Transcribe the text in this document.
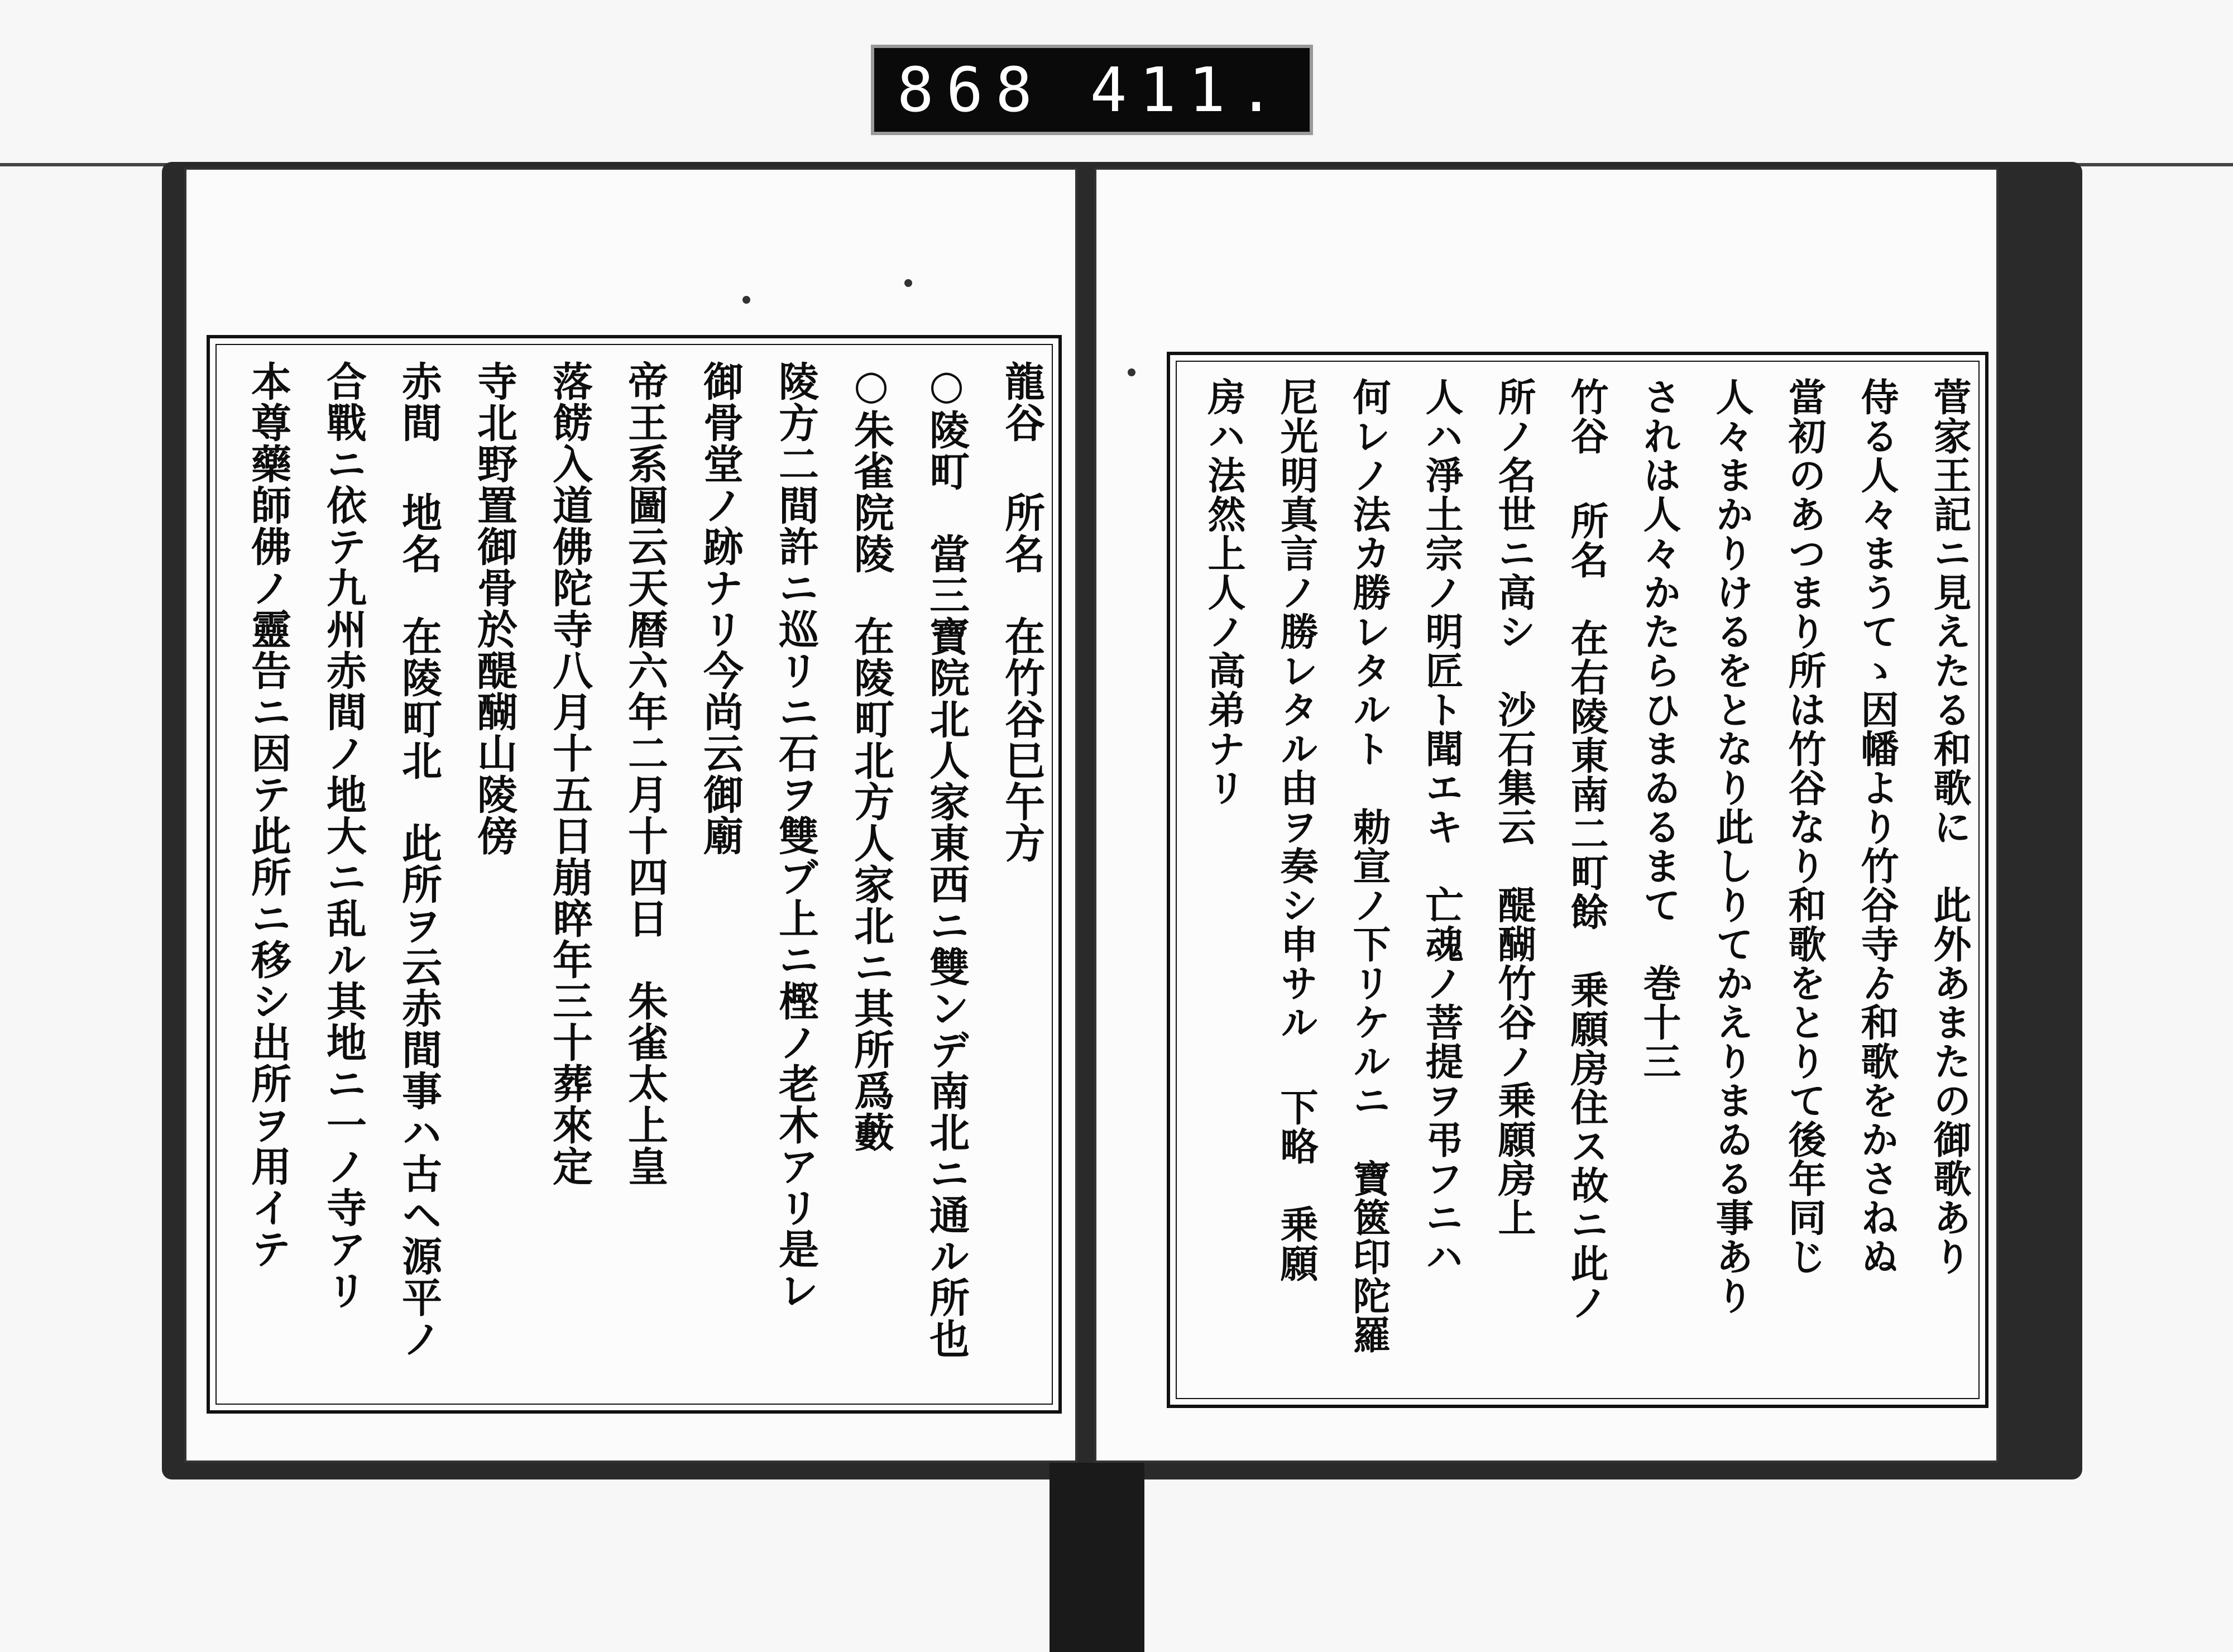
868 411.
龍谷 所名　在竹谷巳午方
○陵町　當三寶院北人家東西ニ雙ンデ南北ニ通ル所也
○朱雀院陵　在陵町北方人家北ニ其所爲藪
陵方二間許ニ巡リニ石ヲ雙ブ上ニ樫ノ老木アリ是レ
御骨堂ノ跡ナリ今尚云御廟
帝王系圖云天暦六年二月十四日　朱雀太上皇
落餝入道佛陀寺八月十五日崩睟年三十葬來定
寺北野置御骨於醍醐山陵傍
赤間 地名　在陵町北　此所ヲ云赤間事ハ古ヘ源平ノ
合戰ニ依テ九州赤間ノ地大ニ乱ル其地ニ一ノ寺アリ
本尊藥師佛ノ靈告ニ因テ此所ニ移シ出所ヲ用イテ	菅家王記ニ見えたる和歌に　此外あまたの御歌あり
侍る人々まうてゝ因幡より竹谷寺ゟ和歌をかさねぬ
當初のあつまり所は竹谷なり和歌をとりて後年同じ
人々まかりけるをとなり此しりてかえりまゐる事あり
されは人々かたらひまゐるまて　巻十三
竹谷 所名　在右陵東南二町餘　乗願房住ス故ニ此ノ
所ノ名世ニ高シ　沙石集云　醍醐竹谷ノ乗願房上
人ハ淨土宗ノ明匠ト聞エキ　亡魂ノ菩提ヲ弔フニハ
何レノ法カ勝レタルト　勅宣ノ下リケルニ　寶篋印陀羅
尼光明真言ノ勝レタル由ヲ奏シ申サル 下略　乗願
房ハ法然上人ノ高弟ナリ
